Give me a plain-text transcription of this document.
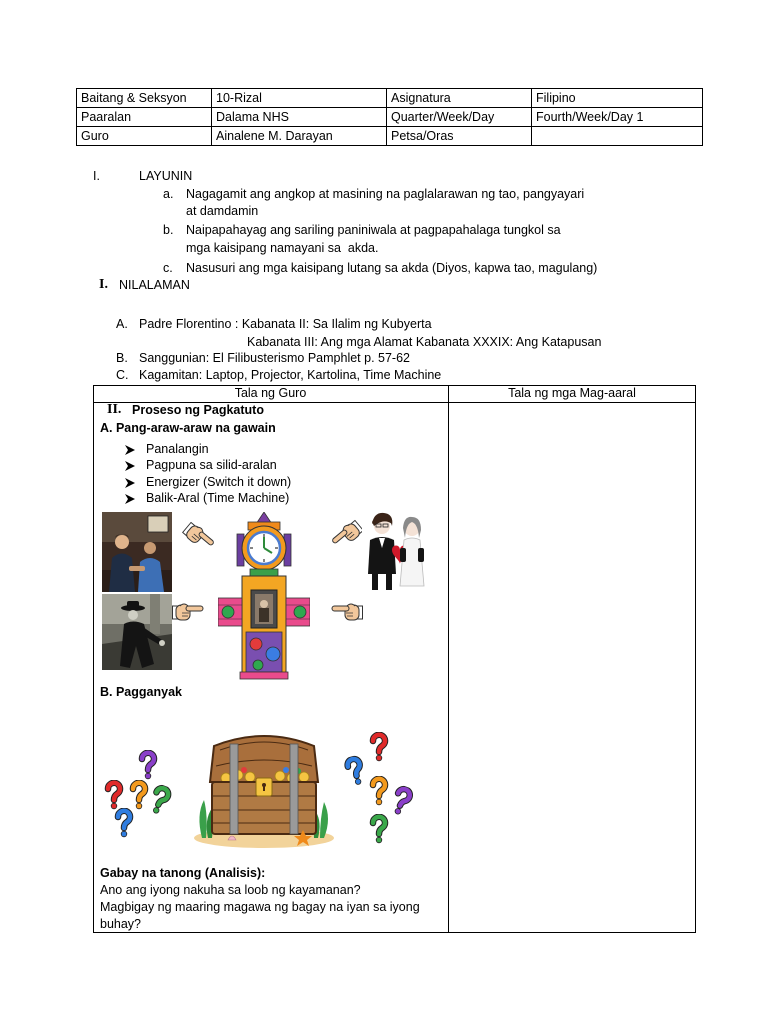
Baitang & Seksyon	10-Rizal	Asignatura	Filipino
Paaralan	Dalama NHS	Quarter/Week/Day	Fourth/Week/Day 1
Guro	Ainalene M. Darayan	Petsa/Oras	
I.	LAYUNIN
a. Nagagamit ang angkop at masining na paglalarawan ng tao, pangyayari
at damdamin
b. Naipapahayag ang sariling paniniwala at pagpapahalaga tungkol sa
mga kaisipang namayani sa  akda.
c. Nasusuri ang mga kaisipang lutang sa akda (Diyos, kapwa tao, magulang)
I. NILALAMAN
A. Padre Florentino : Kabanata II: Sa Ilalim ng Kubyerta
Kabanata III: Ang mga Alamat Kabanata XXXIX: Ang Katapusan
B. Sanggunian: El Filibusterismo Pamphlet p. 57-62
C. Kagamitan: Laptop, Projector, Kartolina, Time Machine
Tala ng Guro	Tala ng mga Mag-aaral
II. Proseso ng Pagkatuto
A. Pang-araw-araw na gawain
Panalangin
Pagpuna sa silid-aralan
Energizer (Switch it down)
Balik-Aral (Time Machine)
B. Pagganyak
Gabay na tanong (Analisis):
Ano ang iyong nakuha sa loob ng kayamanan?
Magbigay ng maaring magawa ng bagay na iyan sa iyong
buhay?
